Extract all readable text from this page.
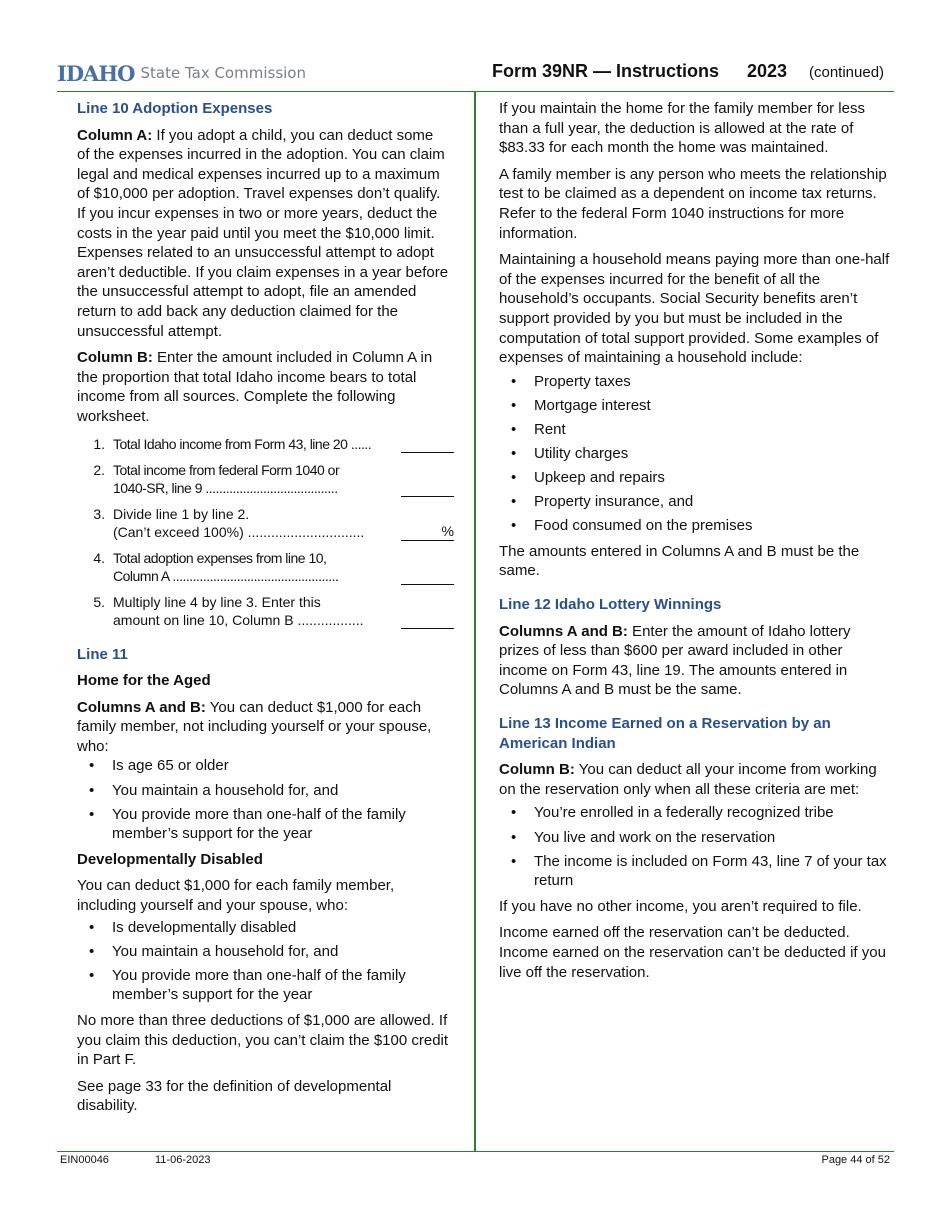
IDAHO State Tax Commission	Form 39NR — Instructions 2023 (continued)

Line 10 Adoption Expenses

Column A: If you adopt a child, you can deduct some of the expenses incurred in the adoption. You can claim legal and medical expenses incurred up to a maximum of $10,000 per adoption. Travel expenses don’t qualify. If you incur expenses in two or more years, deduct the costs in the year paid until you meet the $10,000 limit. Expenses related to an unsuccessful attempt to adopt aren’t deductible. If you claim expenses in a year before the unsuccessful attempt to adopt, file an amended return to add back any deduction claimed for the unsuccessful attempt.

Column B: Enter the amount included in Column A in the proportion that total Idaho income bears to total income from all sources. Complete the following worksheet.

1. Total Idaho income from Form 43, line 20 ......
2. Total income from federal Form 1040 or
1040-SR, line 9 .......................................
3. Divide line 1 by line 2.
(Can’t exceed 100%) ..............................	%
4. Total adoption expenses from line 10,
Column A .................................................
5. Multiply line 4 by line 3. Enter this
amount on line 10, Column B .................

Line 11

Home for the Aged

Columns A and B: You can deduct $1,000 for each family member, not including yourself or your spouse, who:

• Is age 65 or older
• You maintain a household for, and
• You provide more than one-half of the family member’s support for the year

Developmentally Disabled

You can deduct $1,000 for each family member, including yourself and your spouse, who:

• Is developmentally disabled
• You maintain a household for, and
• You provide more than one-half of the family member’s support for the year

No more than three deductions of $1,000 are allowed. If you claim this deduction, you can’t claim the $100 credit in Part F.

See page 33 for the definition of developmental disability.

If you maintain the home for the family member for less than a full year, the deduction is allowed at the rate of $83.33 for each month the home was maintained.

A family member is any person who meets the relationship test to be claimed as a dependent on income tax returns. Refer to the federal Form 1040 instructions for more information.

Maintaining a household means paying more than one-half of the expenses incurred for the benefit of all the household’s occupants. Social Security benefits aren’t support provided by you but must be included in the computation of total support provided. Some examples of expenses of maintaining a household include:

• Property taxes
• Mortgage interest
• Rent
• Utility charges
• Upkeep and repairs
• Property insurance, and
• Food consumed on the premises

The amounts entered in Columns A and B must be the same.

Line 12 Idaho Lottery Winnings

Columns A and B: Enter the amount of Idaho lottery prizes of less than $600 per award included in other income on Form 43, line 19. The amounts entered in Columns A and B must be the same.

Line 13 Income Earned on a Reservation by an American Indian

Column B: You can deduct all your income from working on the reservation only when all these criteria are met:

• You’re enrolled in a federally recognized tribe
• You live and work on the reservation
• The income is included on Form 43, line 7 of your tax return

If you have no other income, you aren’t required to file.

Income earned off the reservation can’t be deducted. Income earned on the reservation can’t be deducted if you live off the reservation.

EIN00046	11-06-2023	Page 44 of 52
